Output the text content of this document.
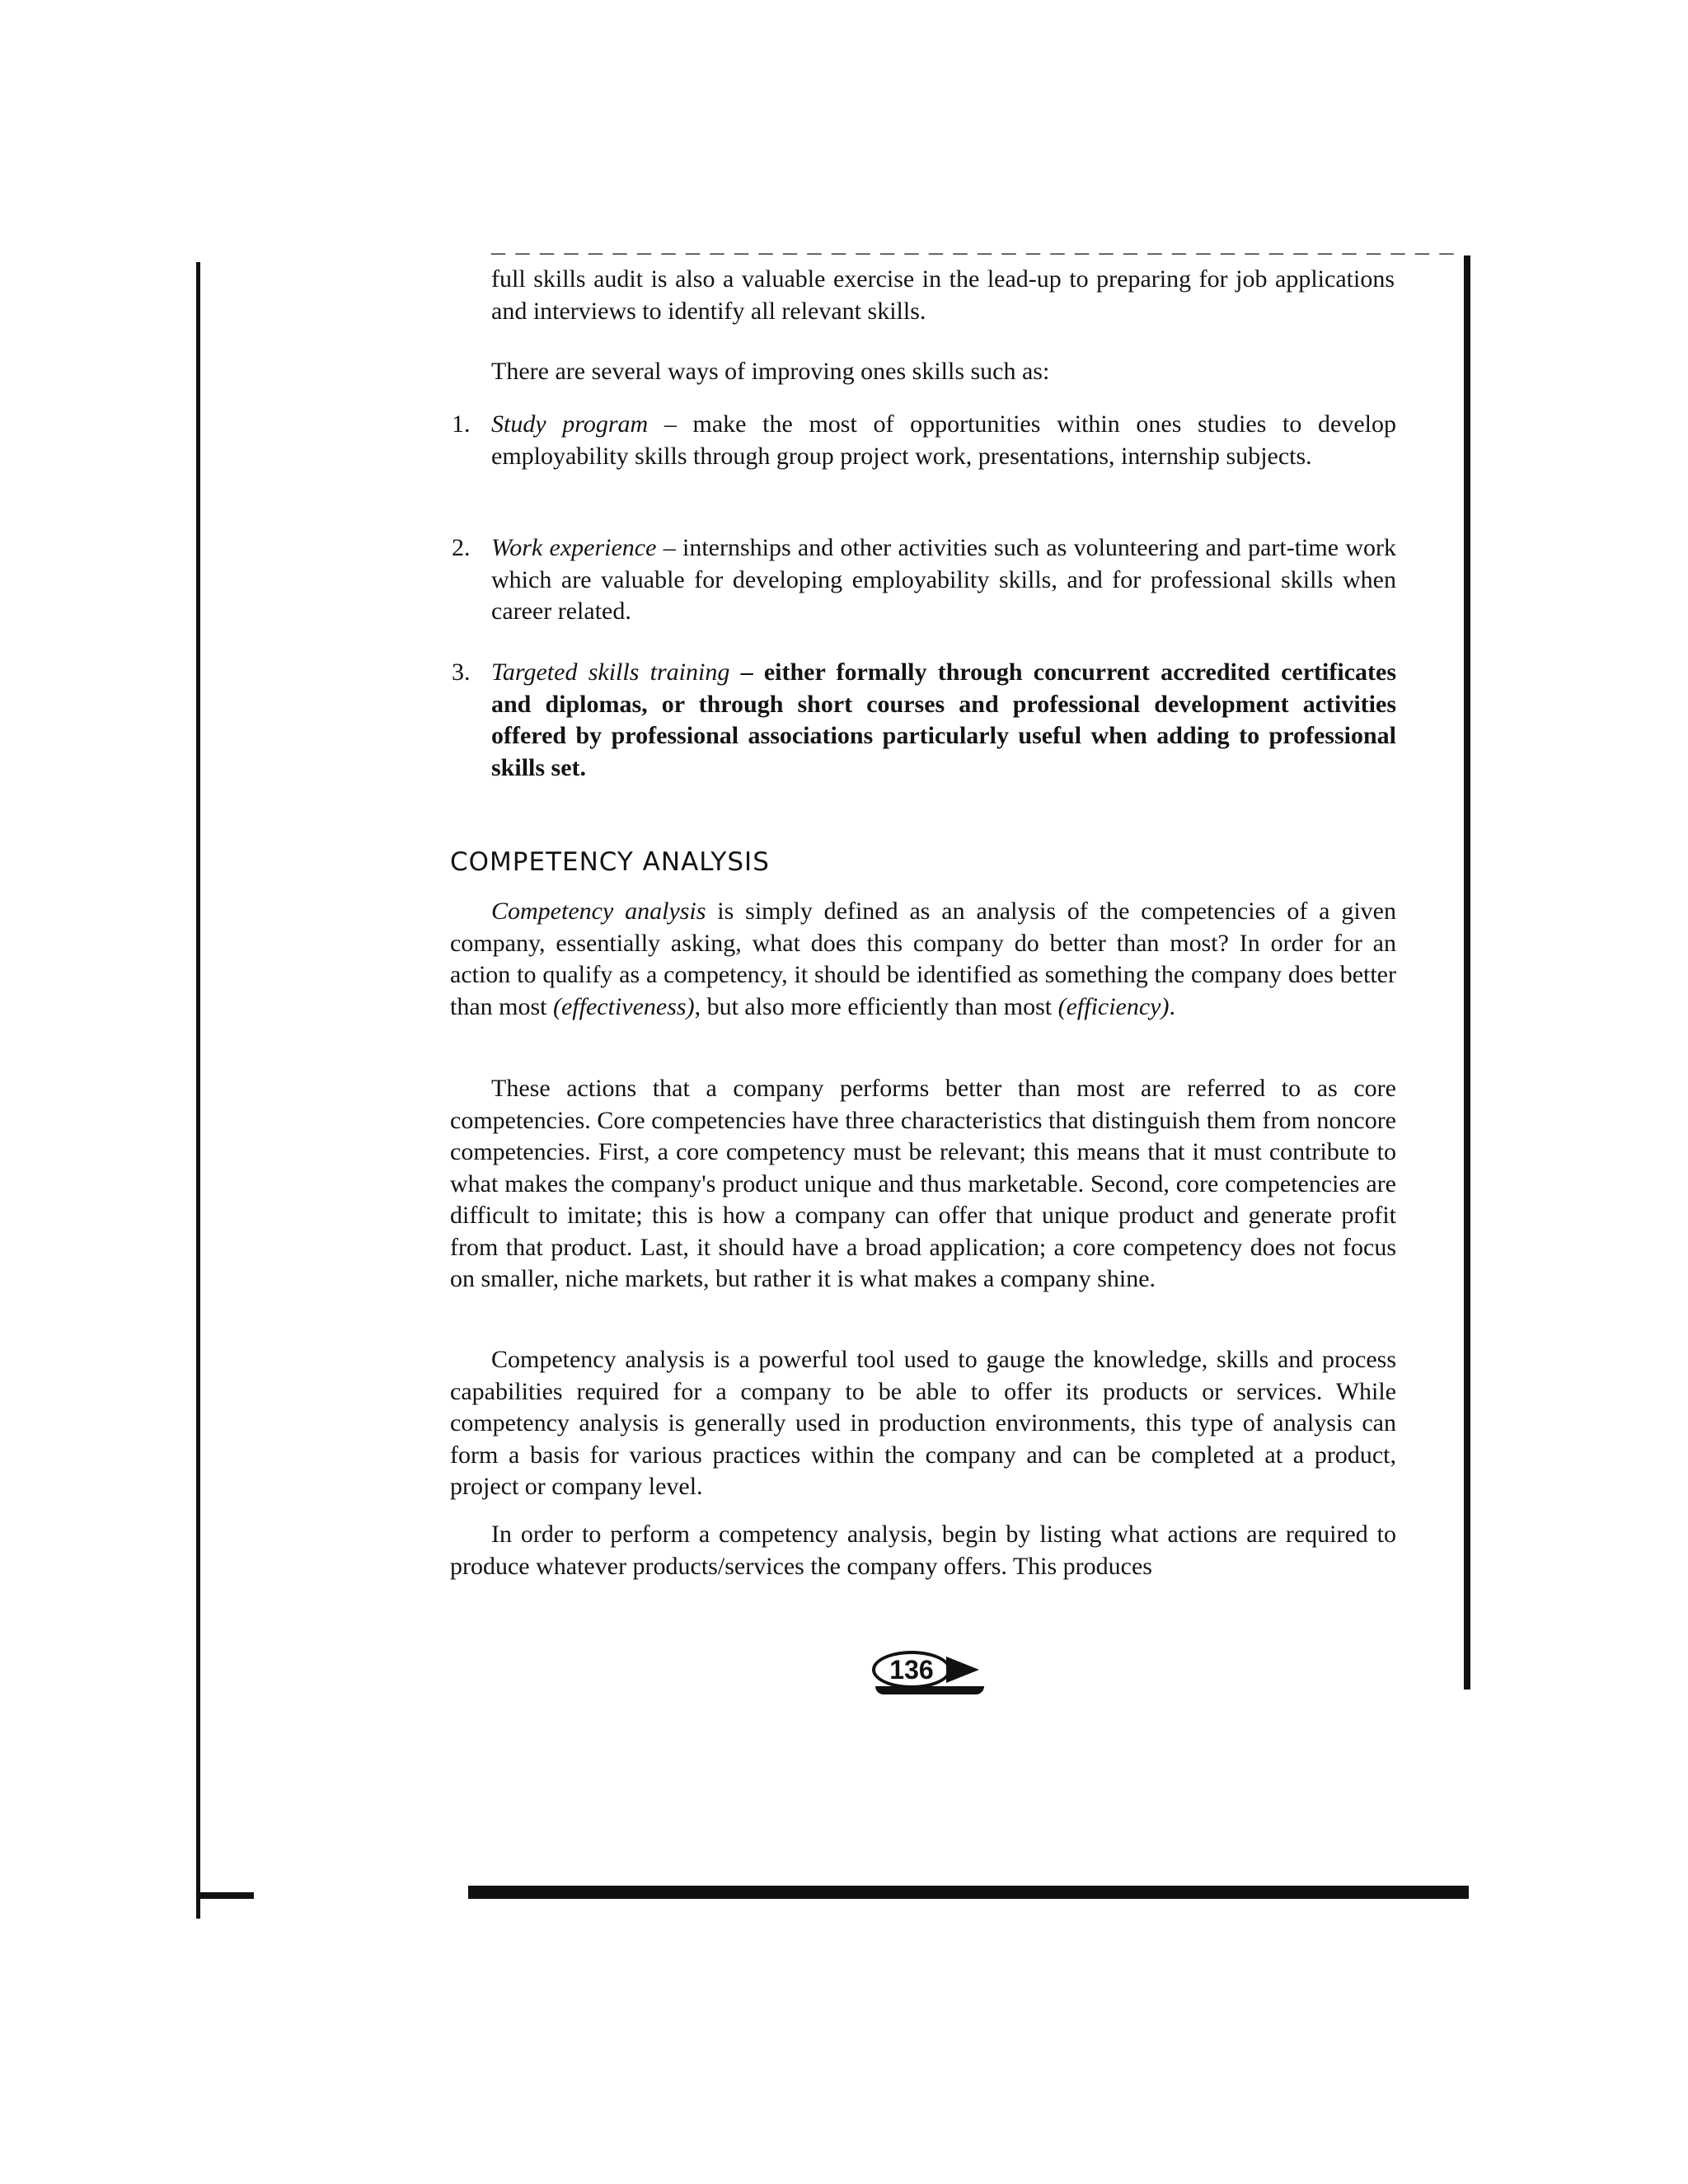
– – – – – – – – – – – – – – – – – – – – – – – – – – – – – – – – – – – – – – – –

full skills audit is also a valuable exercise in the lead-up to preparing for job applications and interviews to identify all relevant skills.

There are several ways of improving ones skills such as:

1. Study program – make the most of opportunities within ones studies to develop employability skills through group project work, presentations, internship subjects.
2. Work experience – internships and other activities such as volunteering and part-time work which are valuable for developing employability skills, and for professional skills when career related.
3. Targeted skills training – either formally through concurrent accredited certificates and diplomas, or through short courses and professional development activities offered by professional associations particularly useful when adding to professional skills set.
COMPETENCY ANALYSIS

Competency analysis is simply defined as an analysis of the competencies of a given company, essentially asking, what does this company do better than most? In order for an action to qualify as a competency, it should be identified as something the company does better than most (effectiveness), but also more efficiently than most (efficiency).

These actions that a company performs better than most are referred to as core competencies. Core competencies have three characteristics that distinguish them from noncore competencies. First, a core competency must be relevant; this means that it must contribute to what makes the company's product unique and thus marketable. Second, core competencies are difficult to imitate; this is how a company can offer that unique product and generate profit from that product. Last, it should have a broad application; a core competency does not focus on smaller, niche markets, but rather it is what makes a company shine.

Competency analysis is a powerful tool used to gauge the knowledge, skills and process capabilities required for a company to be able to offer its products or services. While competency analysis is generally used in production environments, this type of analysis can form a basis for various practices within the company and can be completed at a product, project or company level.

In order to perform a competency analysis, begin by listing what actions are required to produce whatever products/services the company offers. This produces

136
